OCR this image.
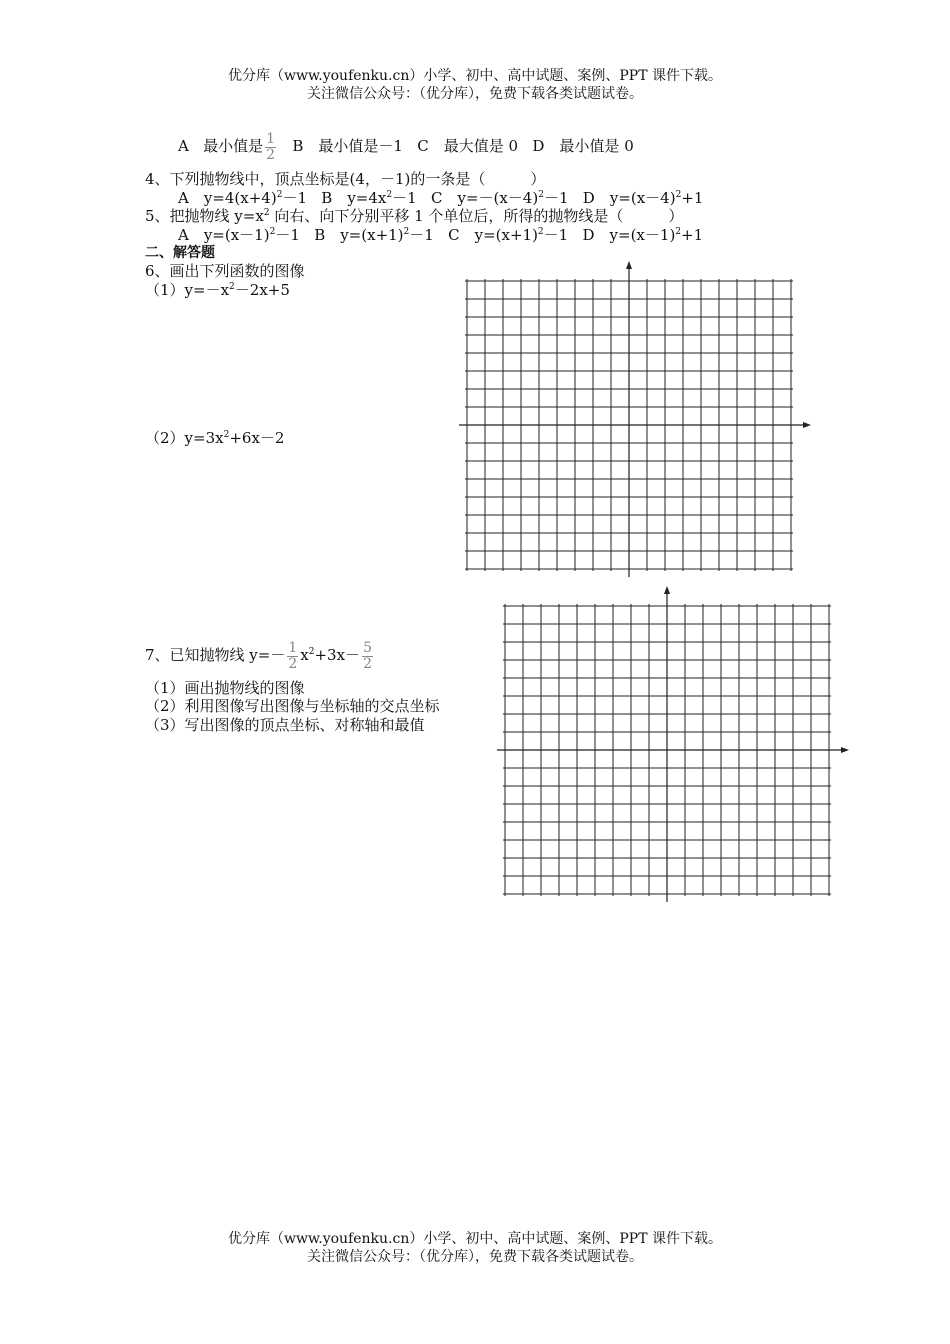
优分库（www.youfenku.cn）小学、初中、高中试题、案例、PPT 课件下载。
关注微信公众号：（优分库），免费下载各类试题试卷。
A 最小值是 $\frac{1}{2}$ B　最小值是－1 C　最大值是 0 D　最小值是 0
4、下列抛物线中，顶点坐标是(4，－1)的一条是（　　　）
A　$y=4(x+4)^2-1$ B　$y=4x^2-1$ C　$y=-(x-4)^2-1$ D　$y=(x-4)^2+1$
5、把抛物线 $y=x^2$ 向右、向下分别平移 1 个单位后，所得的抛物线是（　　　）
A　$y=(x-1)^2-1$ B　$y=(x+1)^2-1$ C　$y=(x+1)^2-1$ D　$y=(x-1)^2+1$
二、解答题
6、画出下列函数的图像
$(1)y=-x^2-2x+5$
$(2)y=3x^2+6x-2$
7、已知抛物线 $y=- \frac{1}{2} x^2+3x- \frac{5}{2}$
（1）画出抛物线的图像
（2）利用图像写出图像与坐标轴的交点坐标
（3）写出图像的顶点坐标、对称轴和最值
优分库（www.youfenku.cn）小学、初中、高中试题、案例、PPT 课件下载。
关注微信公众号：（优分库），免费下载各类试题试卷。
